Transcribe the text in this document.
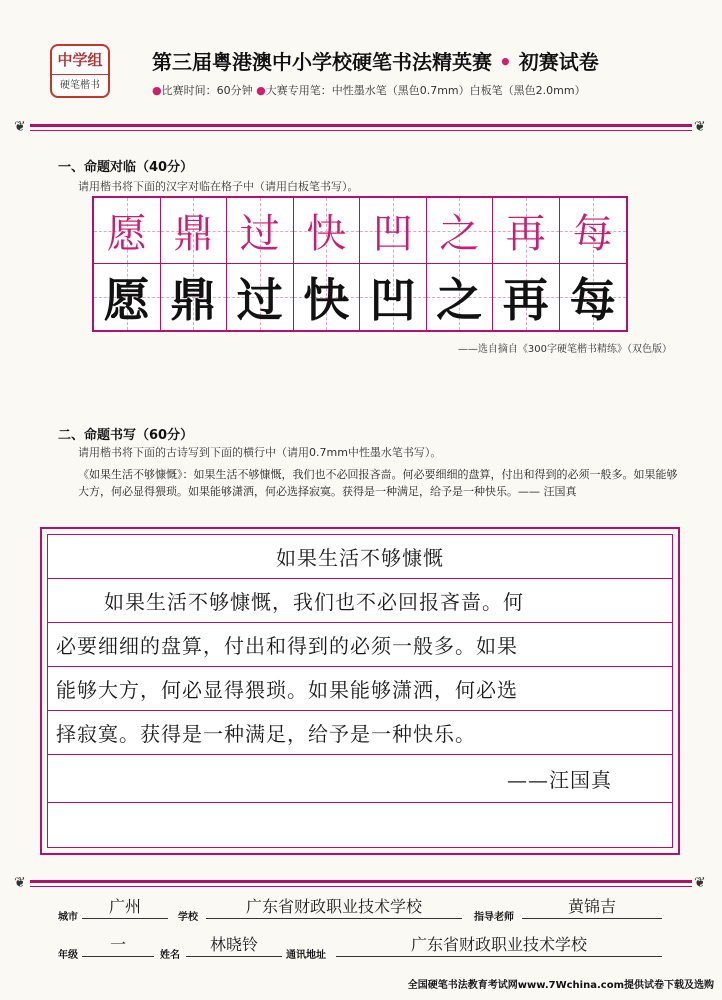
中学组
硬笔楷书
第三届粤港澳中小学校硬笔书法精英赛 • 初赛试卷
●比赛时间：60分钟 ●大赛专用笔：中性墨水笔（黑色0.7mm）白板笔（黑色2.0mm）
❦	❦
一、命题对临（40分）
请用楷书将下面的汉字对临在格子中（请用白板笔书写）。
愿 鼎 过 快 凹 之 再 每
愿 鼎 过 快 凹 之 再 每
——选自摘自《300字硬笔楷书精练》（双色版）
二、命题书写（60分）
请用楷书将下面的古诗写到下面的横行中（请用0.7mm中性墨水笔书写）。
《如果生活不够慷慨》：如果生活不够慷慨，我们也不必回报吝啬。何必要细细的盘算，付出和得到的必须一般多。如果能够大方，何必显得猥琐。如果能够潇洒，何必选择寂寞。获得是一种满足，给予是一种快乐。—— 汪国真
如果生活不够慷慨
如果生活不够慷慨，我们也不必回报吝啬。何
必要细细的盘算，付出和得到的必须一般多。如果
能够大方，何必显得猥琐。如果能够潇洒，何必选
择寂寞。获得是一种满足，给予是一种快乐。
——汪国真
❦	❦
城市
广州
学校
广东省财政职业技术学校
指导老师
黄锦吉
年级
一
姓名
林晓铃
通讯地址
广东省财政职业技术学校
全国硬笔书法教育考试网www.7Wchina.com提供试卷下载及选购
